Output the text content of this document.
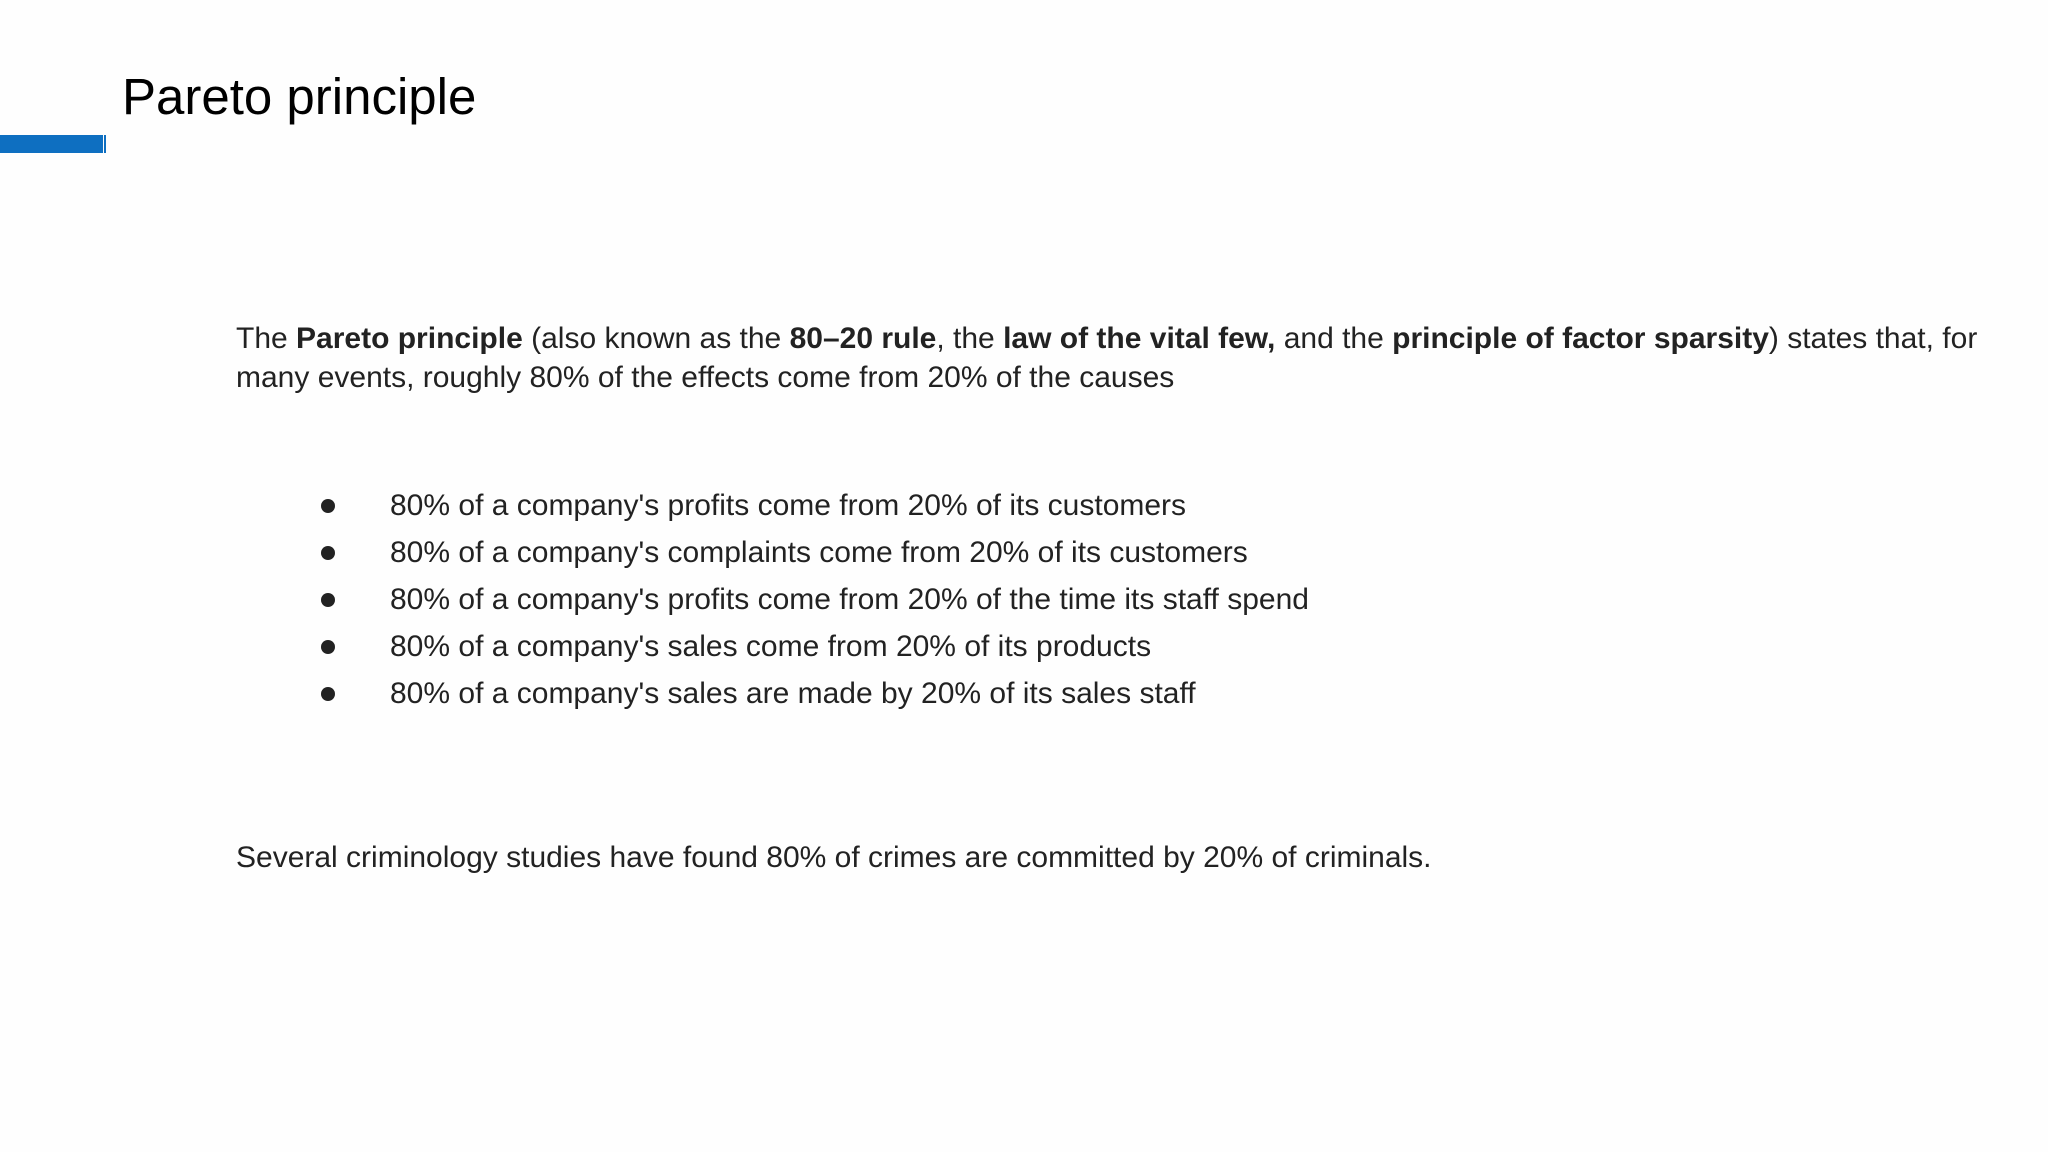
Pareto principle

The Pareto principle (also known as the 80–20 rule, the law of the vital few, and the principle of factor sparsity) states that, for many events, roughly 80% of the effects come from 20% of the causes

80% of a company's profits come from 20% of its customers
80% of a company's complaints come from 20% of its customers
80% of a company's profits come from 20% of the time its staff spend
80% of a company's sales come from 20% of its products
80% of a company's sales are made by 20% of its sales staff

Several criminology studies have found 80% of crimes are committed by 20% of criminals.
